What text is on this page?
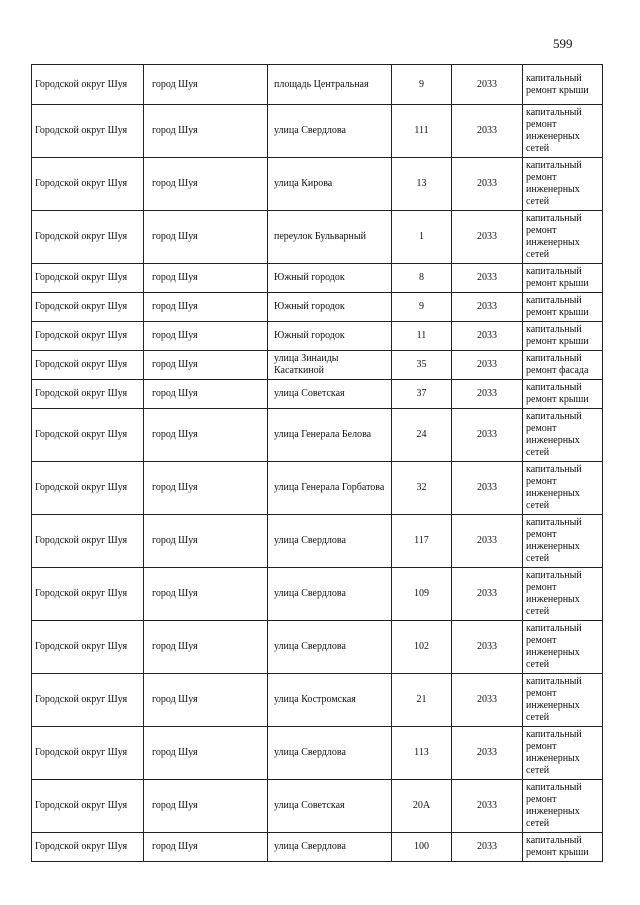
599
Городской округ Шуя	город Шуя	площадь Центральная	9	2033	капитальный ремонт крыши
Городской округ Шуя	город Шуя	улица Свердлова	111	2033	капитальный ремонт инженерных сетей
Городской округ Шуя	город Шуя	улица Кирова	13	2033	капитальный ремонт инженерных сетей
Городской округ Шуя	город Шуя	переулок Бульварный	1	2033	капитальный ремонт инженерных сетей
Городской округ Шуя	город Шуя	Южный городок	8	2033	капитальный ремонт крыши
Городской округ Шуя	город Шуя	Южный городок	9	2033	капитальный ремонт крыши
Городской округ Шуя	город Шуя	Южный городок	11	2033	капитальный ремонт крыши
Городской округ Шуя	город Шуя	улица Зинаиды Касаткиной	35	2033	капитальный ремонт фасада
Городской округ Шуя	город Шуя	улица Советская	37	2033	капитальный ремонт крыши
Городской округ Шуя	город Шуя	улица Генерала Белова	24	2033	капитальный ремонт инженерных сетей
Городской округ Шуя	город Шуя	улица Генерала Горбатова	32	2033	капитальный ремонт инженерных сетей
Городской округ Шуя	город Шуя	улица Свердлова	117	2033	капитальный ремонт инженерных сетей
Городской округ Шуя	город Шуя	улица Свердлова	109	2033	капитальный ремонт инженерных сетей
Городской округ Шуя	город Шуя	улица Свердлова	102	2033	капитальный ремонт инженерных сетей
Городской округ Шуя	город Шуя	улица Костромская	21	2033	капитальный ремонт инженерных сетей
Городской округ Шуя	город Шуя	улица Свердлова	113	2033	капитальный ремонт инженерных сетей
Городской округ Шуя	город Шуя	улица Советская	20А	2033	капитальный ремонт инженерных сетей
Городской округ Шуя	город Шуя	улица Свердлова	100	2033	капитальный ремонт крыши
